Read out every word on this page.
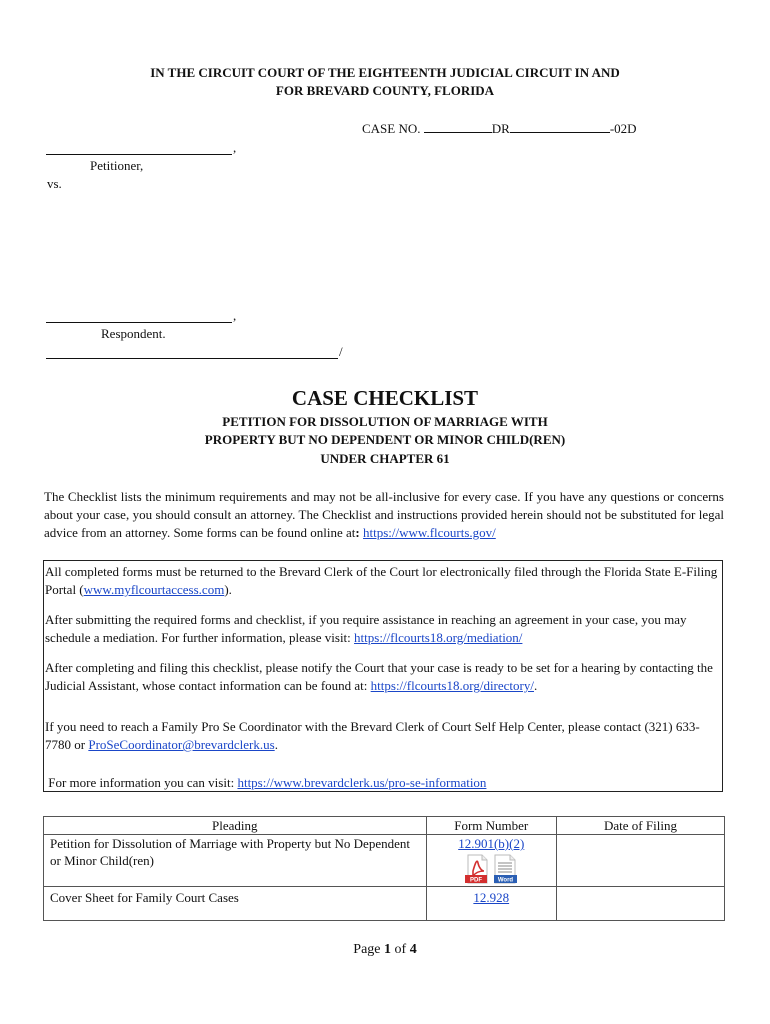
IN THE CIRCUIT COURT OF THE EIGHTEENTH JUDICIAL CIRCUIT IN AND
FOR BREVARD COUNTY, FLORIDA
CASE NO.	DR	-02D
,
Petitioner,
vs.
,
Respondent.
/
CASE CHECKLIST
PETITION FOR DISSOLUTION OF MARRIAGE WITH
PROPERTY BUT NO DEPENDENT OR MINOR CHILD(REN)
UNDER CHAPTER 61
The Checklist lists the minimum requirements and may not be all-inclusive for every case. If you have any questions or concerns about your case, you should consult an attorney. The Checklist and instructions provided herein should not be substituted for legal advice from an attorney. Some forms can be found online at: https://www.flcourts.gov/

All completed forms must be returned to the Brevard Clerk of the Court lor electronically filed through the Florida State E-Filing Portal (www.myflcourtaccess.com).

After submitting the required forms and checklist, if you require assistance in reaching an agreement in your case, you may schedule a mediation. For further information, please visit: https://flcourts18.org/mediation/

After completing and filing this checklist, please notify the Court that your case is ready to be set for a hearing by contacting the Judicial Assistant, whose contact information can be found at: https://flcourts18.org/directory/.

If you need to reach a Family Pro Se Coordinator with the Brevard Clerk of Court Self Help Center, please contact (321) 633-7780 or ProSeCoordinator@brevardclerk.us.

For more information you can visit: https://www.brevardclerk.us/pro-se-information

Pleading	Form Number	Date of Filing
Petition for Dissolution of Marriage with Property but No Dependent or Minor Child(ren)	12.901(b)(2)
PDF Word	

Cover Sheet for Family Court Cases	12.928	
Page 1 of 4
